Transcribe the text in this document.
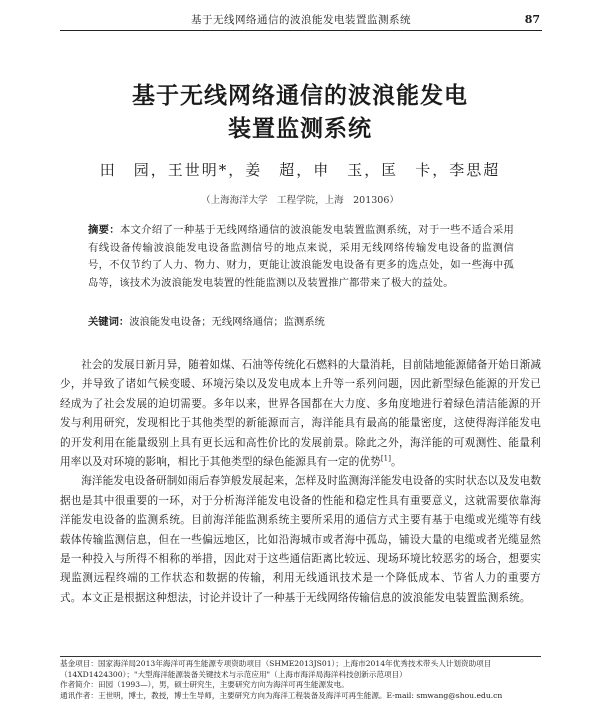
基于无线网络通信的波浪能发电装置监测系统	87
基于无线网络通信的波浪能发电
装置监测系统
田　园，王世明*，姜　超，申　玉，匡　卡，李思超
（上海海洋大学　工程学院，上海　201306）
摘要：本文介绍了一种基于无线网络通信的波浪能发电装置监测系统，对于一些不适合采用有线设备传输波浪能发电设备监测信号的地点来说，采用无线网络传输发电设备的监测信号，不仅节约了人力、物力、财力，更能让波浪能发电设备有更多的选点处，如一些海中孤岛等，该技术为波浪能发电装置的性能监测以及装置推广都带来了极大的益处。
关键词：波浪能发电设备；无线网络通信；监测系统

社会的发展日新月异，随着如煤、石油等传统化石燃料的大量消耗，目前陆地能源储备开始日渐减少，并导致了诸如气候变暖、环境污染以及发电成本上升等一系列问题，因此新型绿色能源的开发已经成为了社会发展的迫切需要。多年以来，世界各国都在大力度、多角度地进行着绿色清洁能源的开发与利用研究，发现相比于其他类型的新能源而言，海洋能具有最高的能量密度，这使得海洋能发电的开发利用在能量级别上具有更长远和高性价比的发展前景。除此之外，海洋能的可观测性、能量利用率以及对环境的影响，相比于其他类型的绿色能源具有一定的优势[1]。

海洋能发电设备研制如雨后春笋般发展起来，怎样及时监测海洋能发电设备的实时状态以及发电数据也是其中很重要的一环，对于分析海洋能发电设备的性能和稳定性具有重要意义，这就需要依靠海洋能发电设备的监测系统。目前海洋能监测系统主要所采用的通信方式主要有基于电缆或光缆等有线载体传输监测信息，但在一些偏远地区，比如沿海城市或者海中孤岛，铺设大量的电缆或者光缆显然是一种投入与所得不相称的举措，因此对于这些通信距离比较远、现场环境比较恶劣的场合，想要实现监测远程终端的工作状态和数据的传输，利用无线通讯技术是一个降低成本、节省人力的重要方式。本文正是根据这种想法，讨论并设计了一种基于无线网络传输信息的波浪能发电装置监测系统。

基金项目：国家海洋局2013年海洋可再生能源专项资助项目（SHME2013JS01）；上海市2014年优秀技术带头人计划资助项目
（14XD1424300）；"大型海洋能源装备关键技术与示范应用"（上海市海洋局海洋科技创新示范项目）
作者简介：田园（1993—），男，硕士研究生，主要研究方向为海洋可再生能源发电。
通讯作者：王世明，博士，教授，博士生导师，主要研究方向为海洋工程装备及海洋可再生能源。E-mail: smwang@shou.edu.cn
